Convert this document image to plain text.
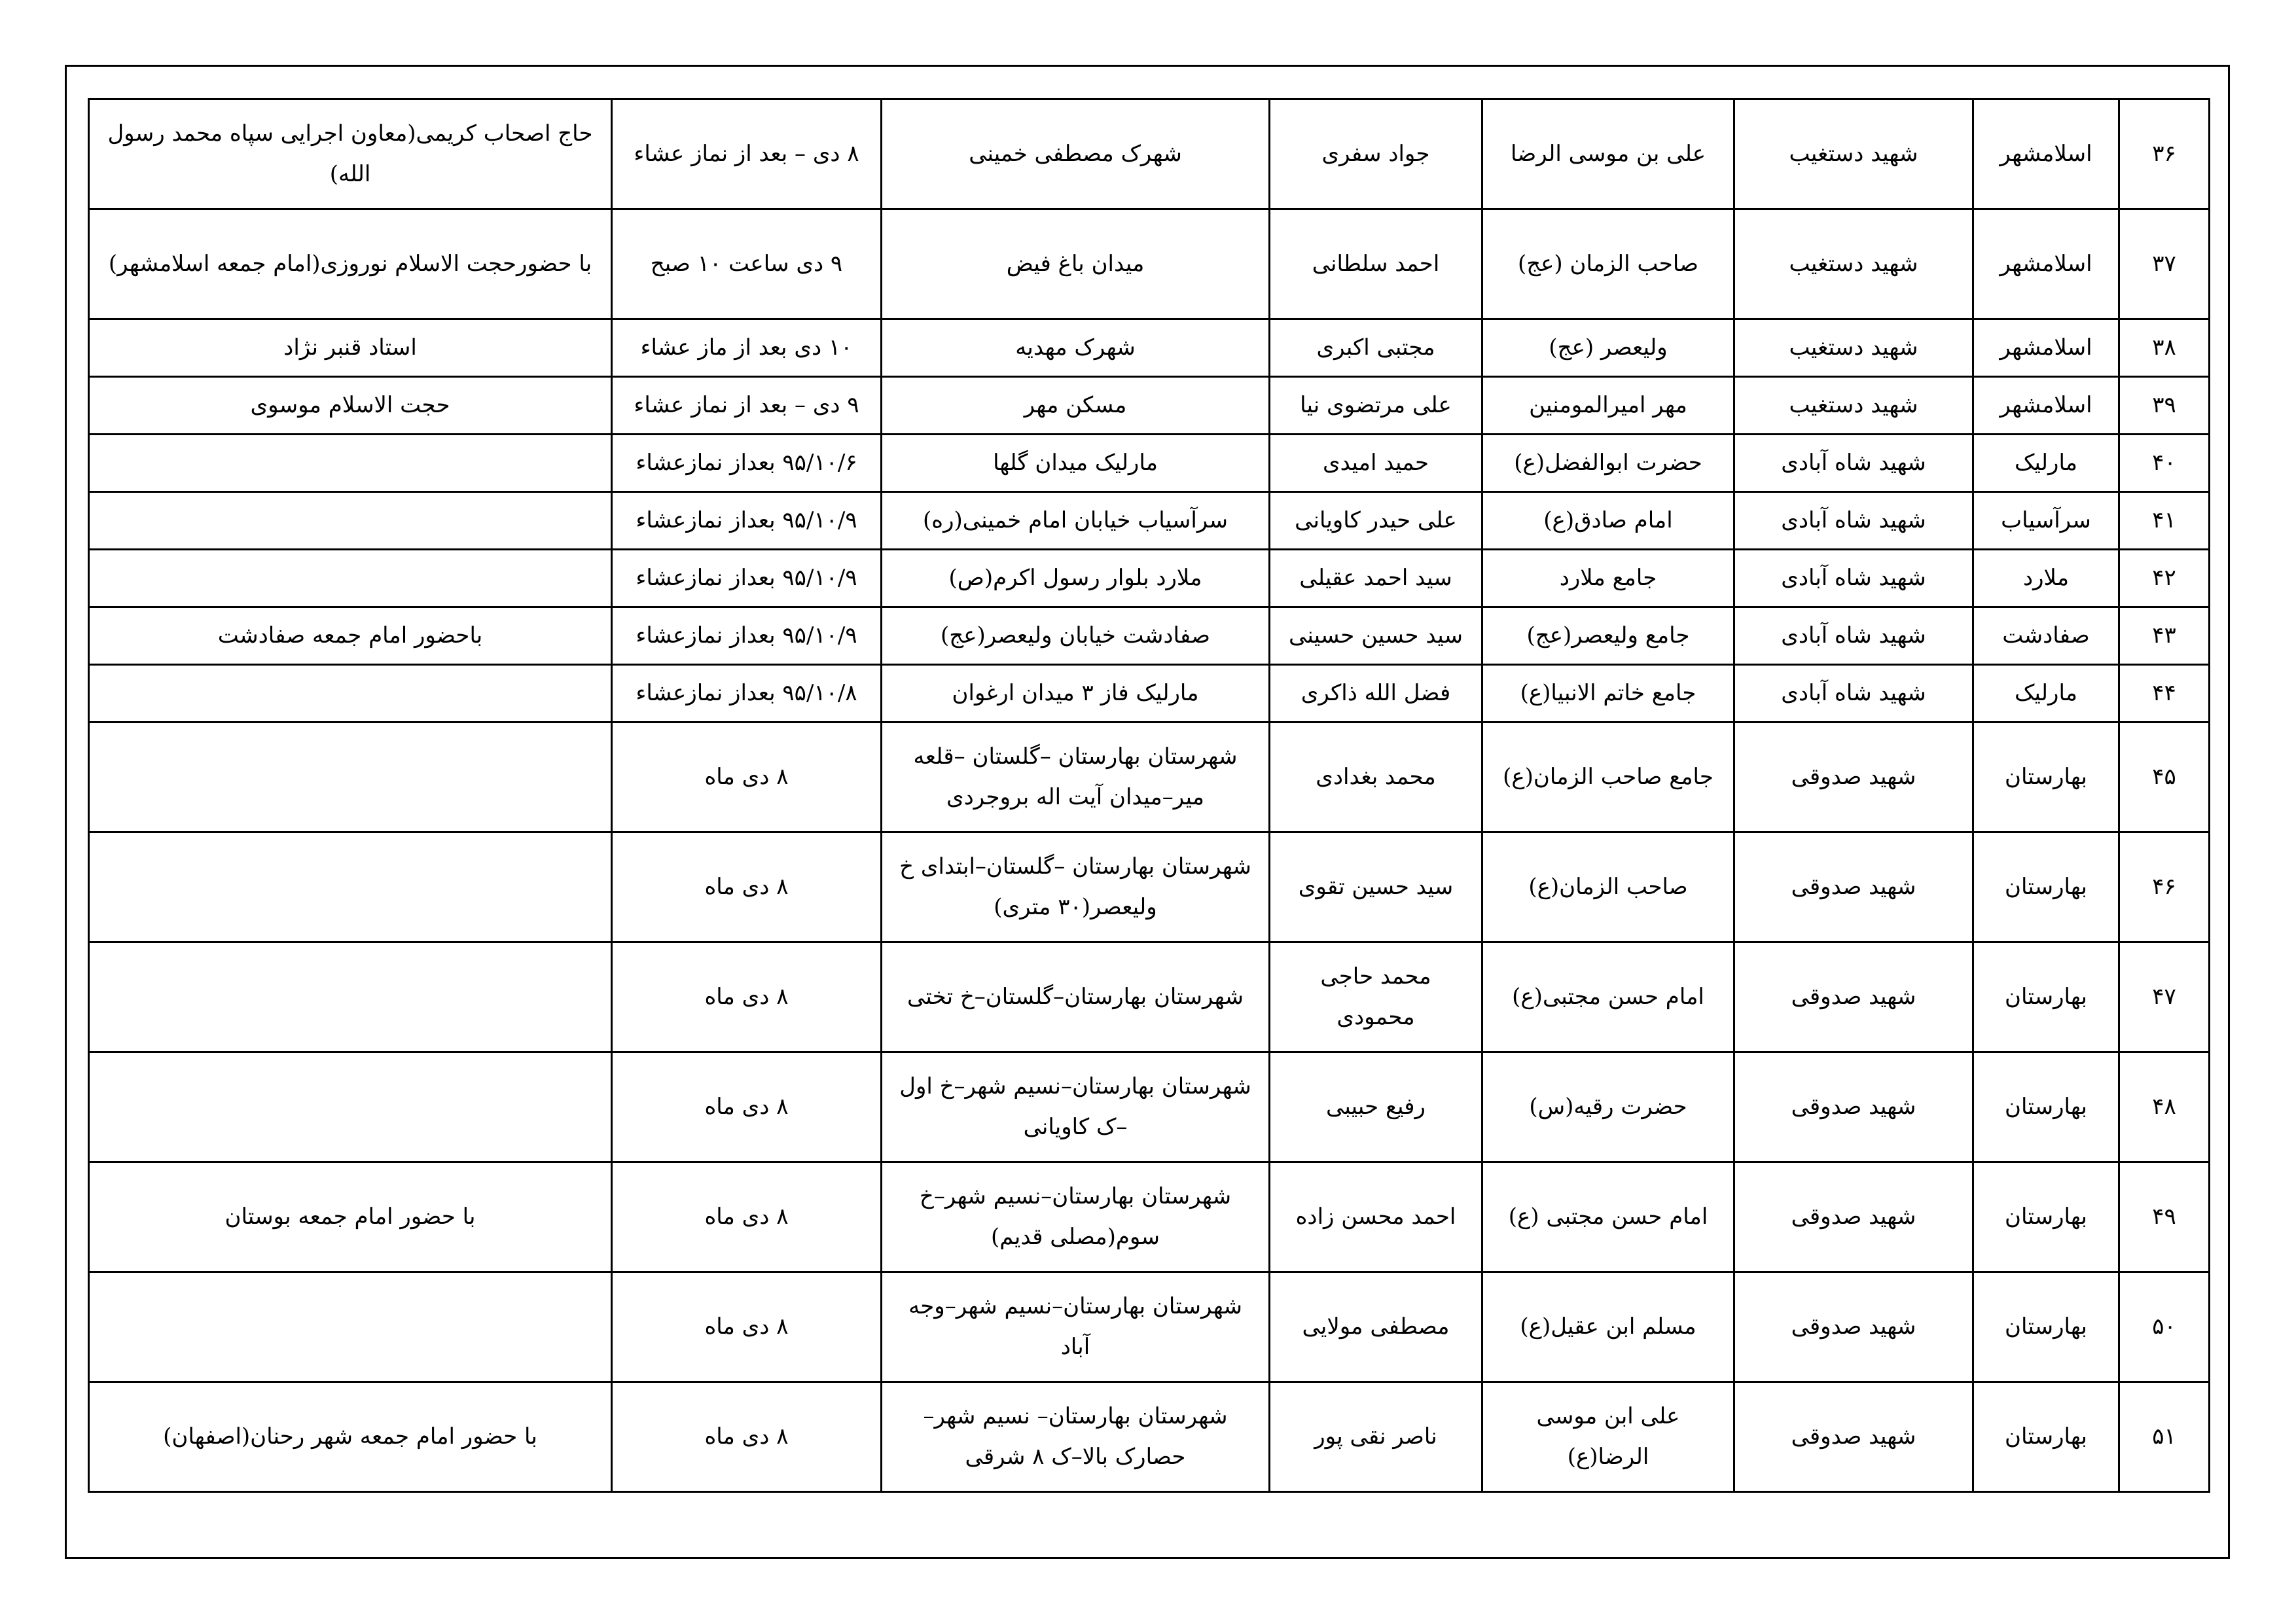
۳۶	اسلامشهر	شهید دستغیب	علی بن موسی الرضا	جواد سفری	شهرک مصطفی خمینی	۸ دی – بعد از نماز عشاء	حاج اصحاب کریمی(معاون اجرایی سپاه محمد رسول الله)
۳۷	اسلامشهر	شهید دستغیب	صاحب الزمان (عج)	احمد سلطانی	میدان باغ فیض	۹ دی ساعت ۱۰ صبح	با حضورحجت الاسلام نوروزی(امام جمعه اسلامشهر)
۳۸	اسلامشهر	شهید دستغیب	ولیعصر (عج)	مجتبی اکبری	شهرک مهدیه	۱۰ دی بعد از ماز عشاء	استاد قنبر نژاد
۳۹	اسلامشهر	شهید دستغیب	مهر امیرالمومنین	علی مرتضوی نیا	مسکن مهر	۹ دی – بعد از نماز عشاء	حجت الاسلام موسوی
۴۰	مارلیک	شهید شاه آبادی	حضرت ابوالفضل(ع)	حمید امیدی	مارلیک میدان گلها	۹۵/۱۰/۶ بعداز نمازعشاء	
۴۱	سرآسیاب	شهید شاه آبادی	امام صادق(ع)	علی حیدر کاویانی	سرآسیاب خیابان امام خمینی(ره)	۹۵/۱۰/۹ بعداز نمازعشاء	
۴۲	ملارد	شهید شاه آبادی	جامع ملارد	سید احمد عقیلی	ملارد بلوار رسول اکرم(ص)	۹۵/۱۰/۹ بعداز نمازعشاء	
۴۳	صفادشت	شهید شاه آبادی	جامع ولیعصر(عج)	سید حسین حسینی	صفادشت خیابان ولیعصر(عج)	۹۵/۱۰/۹ بعداز نمازعشاء	باحضور امام جمعه صفادشت
۴۴	مارلیک	شهید شاه آبادی	جامع خاتم الانبیا(ع)	فضل الله ذاکری	مارلیک فاز ۳ میدان ارغوان	۹۵/۱۰/۸ بعداز نمازعشاء	
۴۵	بهارستان	شهید صدوقی	جامع صاحب الزمان(ع)	محمد بغدادی	شهرستان بهارستان –گلستان –قلعه میر–میدان آیت اله بروجردی	۸ دی ماه	
۴۶	بهارستان	شهید صدوقی	صاحب الزمان(ع)	سید حسین تقوی	شهرستان بهارستان –گلستان–ابتدای خ ولیعصر(۳۰ متری)	۸ دی ماه	
۴۷	بهارستان	شهید صدوقی	امام حسن مجتبی(ع)	محمد حاجی محمودی	شهرستان بهارستان–گلستان–خ تختی	۸ دی ماه	
۴۸	بهارستان	شهید صدوقی	حضرت رقیه(س)	رفیع حبیبی	شهرستان بهارستان–نسیم شهر–خ اول –ک کاویانی	۸ دی ماه	
۴۹	بهارستان	شهید صدوقی	امام حسن مجتبی (ع)	احمد محسن زاده	شهرستان بهارستان–نسیم شهر–خ سوم(مصلی قدیم)	۸ دی ماه	با حضور امام جمعه بوستان
۵۰	بهارستان	شهید صدوقی	مسلم ابن عقیل(ع)	مصطفی مولایی	شهرستان بهارستان–نسیم شهر–وجه آباد	۸ دی ماه	
۵۱	بهارستان	شهید صدوقی	علی ابن موسی الرضا(ع)	ناصر نقی پور	شهرستان بهارستان– نسیم شهر–حصارک بالا–ک ۸ شرقی	۸ دی ماه	با حضور امام جمعه شهر رحنان(اصفهان)
